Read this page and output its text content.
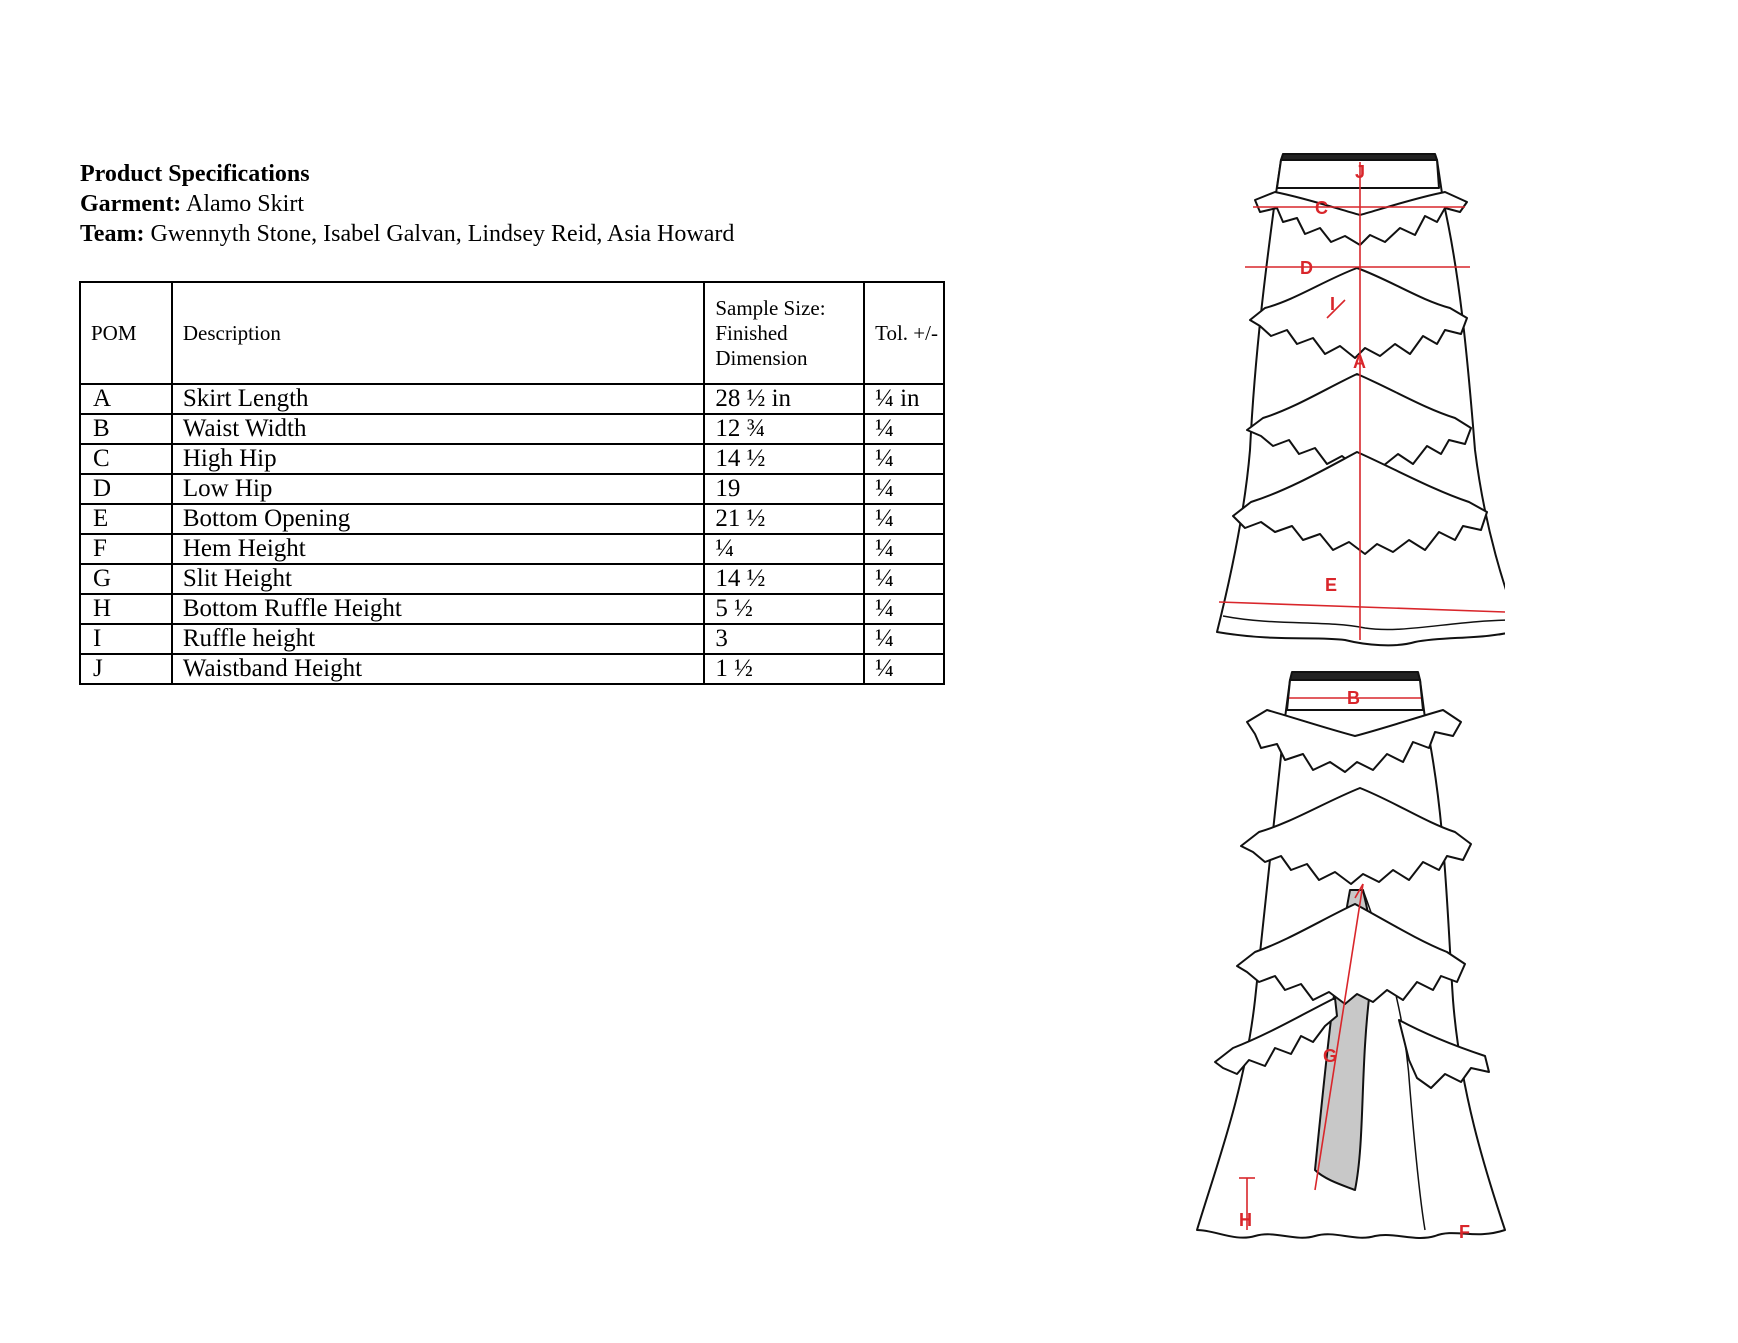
Product Specifications
Garment: Alamo Skirt
Team: Gwennyth Stone, Isabel Galvan, Lindsey Reid, Asia Howard
POM	Description	Sample Size: Finished Dimension	Tol. +/-
A	Skirt Length	28 ½ in	¼ in
B	Waist Width	12 ¾	¼
C	High Hip	14 ½	¼
D	Low Hip	19	¼
E	Bottom Opening	21 ½	¼
F	Hem Height	¼	¼
G	Slit Height	14 ½	¼
H	Bottom Ruffle Height	5 ½	¼
I	Ruffle height	3	¼
J	Waistband Height	1 ½	¼
J
C
D
I
A
E
B
G
H
F
